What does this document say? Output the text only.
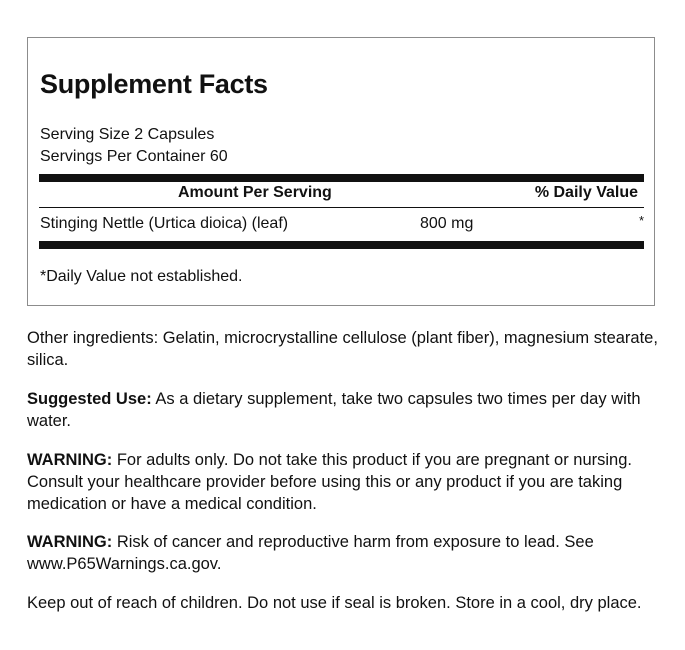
Supplement Facts
Serving Size 2 Capsules
Servings Per Container 60
Amount Per Serving	% Daily Value
Stinging Nettle (Urtica dioica) (leaf)	800 mg	*
*Daily Value not established.

Other ingredients: Gelatin, microcrystalline cellulose (plant fiber), magnesium stearate, silica.

Suggested Use: As a dietary supplement, take two capsules two times per day with water.

WARNING: For adults only. Do not take this product if you are pregnant or nursing. Consult your healthcare provider before using this or any product if you are taking medication or have a medical condition.

WARNING: Risk of cancer and reproductive harm from exposure to lead. See www.P65Warnings.ca.gov.

Keep out of reach of children. Do not use if seal is broken. Store in a cool, dry place.
